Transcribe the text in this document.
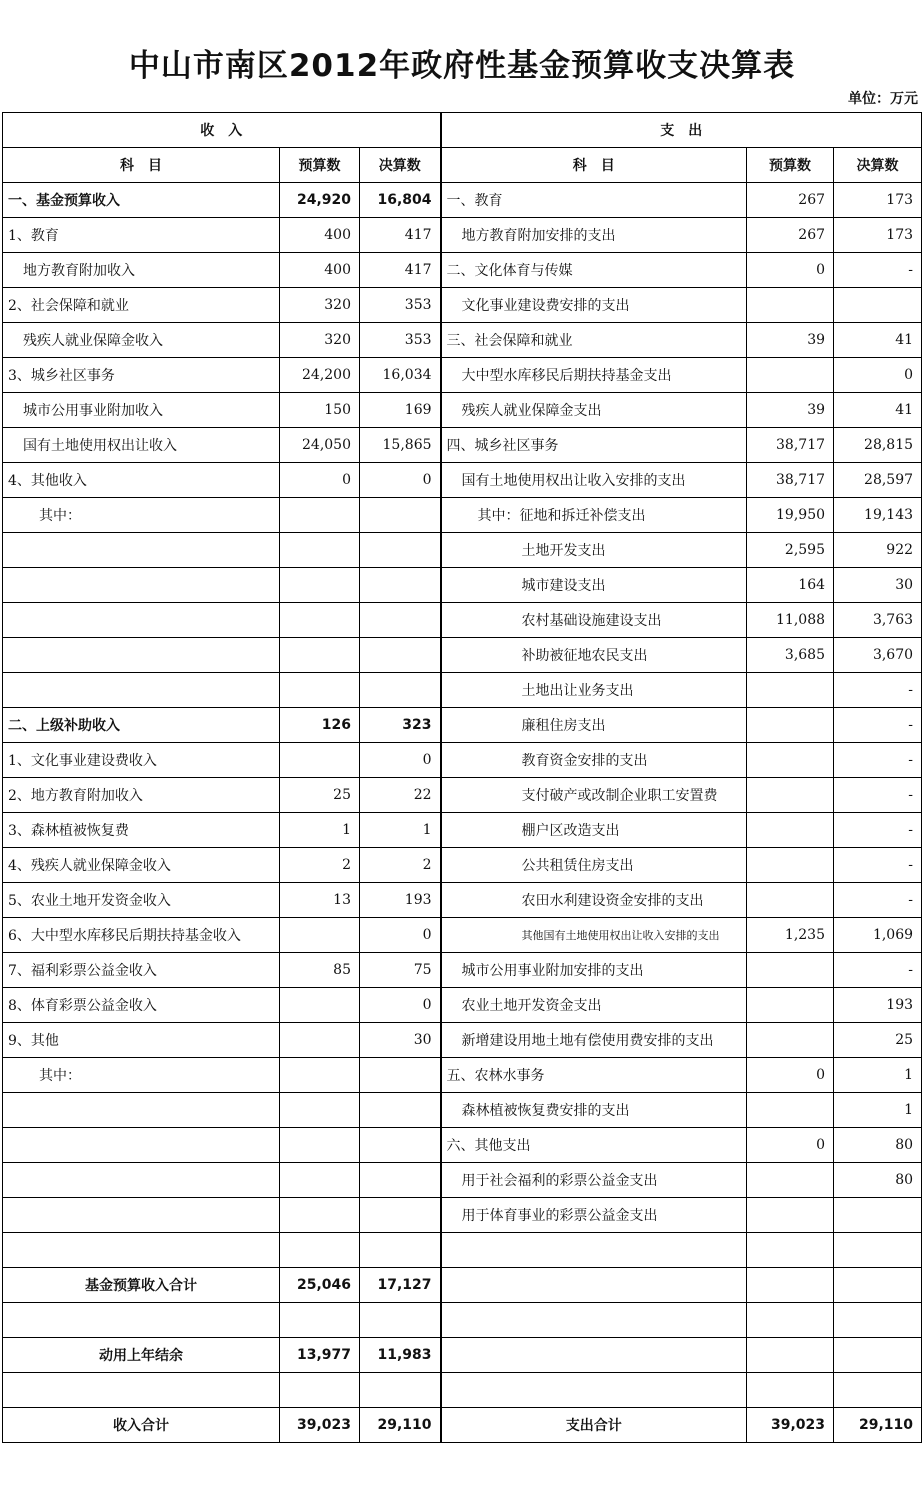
中山市南区2012年政府性基金预算收支决算表
单位：万元
收　入			支　出		
科　目	预算数	决算数	科　目	预算数	决算数
一、基金预算收入	24,920	16,804	一、教育	267	173
1、教育	400	417	地方教育附加安排的支出	267	173
地方教育附加收入	400	417	二、文化体育与传媒	0	-
2、社会保障和就业	320	353	文化事业建设费安排的支出		
残疾人就业保障金收入	320	353	三、社会保障和就业	39	41
3、城乡社区事务	24,200	16,034	大中型水库移民后期扶持基金支出		0
城市公用事业附加收入	150	169	残疾人就业保障金支出	39	41
国有土地使用权出让收入	24,050	15,865	四、城乡社区事务	38,717	28,815
4、其他收入	0	0	国有土地使用权出让收入安排的支出	38,717	28,597
其中：			其中：征地和拆迁补偿支出	19,950	19,143
			土地开发支出	2,595	922
			城市建设支出	164	30
			农村基础设施建设支出	11,088	3,763
			补助被征地农民支出	3,685	3,670
			土地出让业务支出		-
二、上级补助收入	126	323	廉租住房支出		-
1、文化事业建设费收入		0	教育资金安排的支出		-
2、地方教育附加收入	25	22	支付破产或改制企业职工安置费		-
3、森林植被恢复费	1	1	棚户区改造支出		-
4、残疾人就业保障金收入	2	2	公共租赁住房支出		-
5、农业土地开发资金收入	13	193	农田水利建设资金安排的支出		-
6、大中型水库移民后期扶持基金收入		0	其他国有土地使用权出让收入安排的支出	1,235	1,069
7、福利彩票公益金收入	85	75	城市公用事业附加安排的支出		-
8、体育彩票公益金收入		0	农业土地开发资金支出		193
9、其他		30	新增建设用地土地有偿使用费安排的支出		25
其中：			五、农林水事务	0	1
			森林植被恢复费安排的支出		1
			六、其他支出	0	80
			用于社会福利的彩票公益金支出		80
			用于体育事业的彩票公益金支出		

基金预算收入合计	25,046	17,127			

动用上年结余	13,977	11,983			

收入合计	39,023	29,110	支出合计	39,023	29,110
